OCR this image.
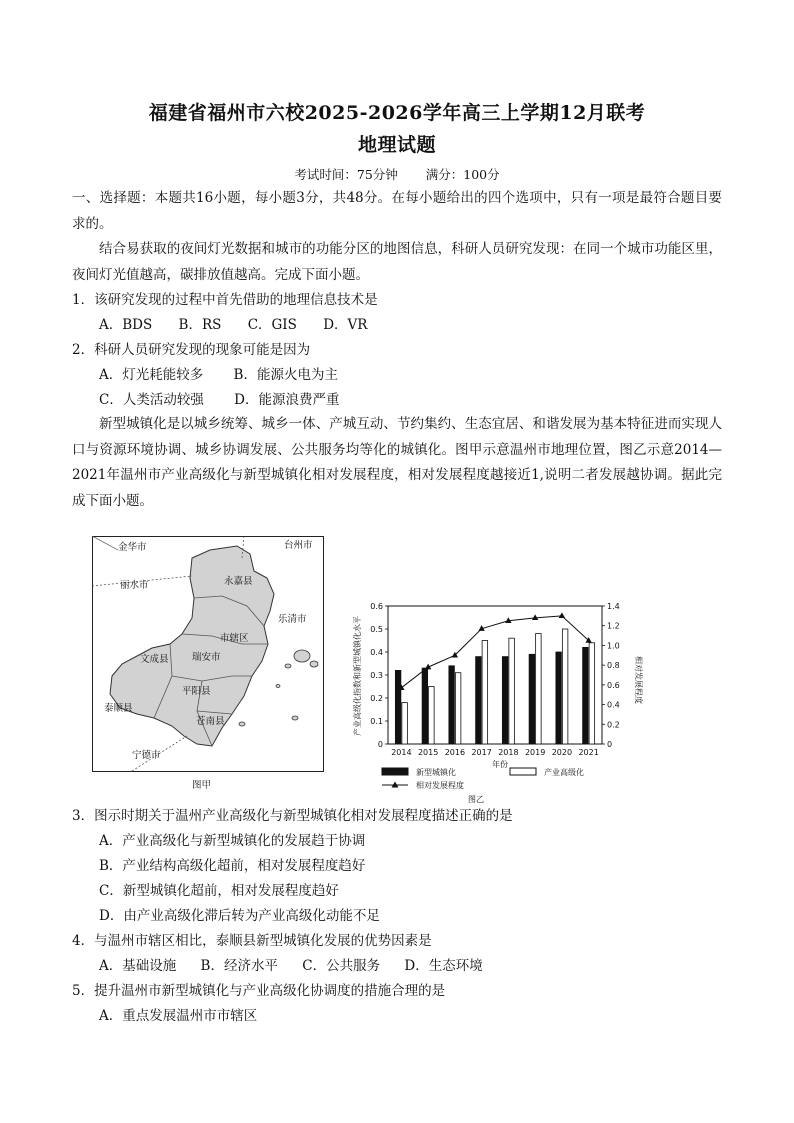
福建省福州市六校2025-2026学年高三上学期12月联考
地理试题
考试时间：75分钟 满分：100分
一、选择题：本题共16小题，每小题3分，共48分。在每小题给出的四个选项中，只有一项是最符合题目要求的。
结合易获取的夜间灯光数据和城市的功能分区的地图信息，科研人员研究发现：在同一个城市功能区里，夜间灯光值越高，碳排放值越高。完成下面小题。
1．该研究发现的过程中首先借助的地理信息技术是
A．BDS B．RS C．GIS D．VR
2．科研人员研究发现的现象可能是因为
A．灯光耗能较多 B．能源火电为主
C．人类活动较强 D．能源浪费严重
新型城镇化是以城乡统筹、城乡一体、产城互动、节约集约、生态宜居、和谐发展为基本特征进而实现人口与资源环境协调、城乡协调发展、公共服务均等化的城镇化。图甲示意温州市地理位置，图乙示意2014—2021年温州市产业高级化与新型城镇化相对发展程度，相对发展程度越接近1,说明二者发展越协调。据此完成下面小题。
金华市	台州市
丽水市	永嘉县
乐清市
市辖区
文成县 瑞安市
平阳县
泰顺县
苍南县
宁德市
图甲
0
0.1
0.2
0.3
0.4
0.5
0.6
0
0.2
0.4
0.6
0.8
1.0
1.2
1.4
2014 2015 2016 2017 2018 2019 2020 2021
产业高级化指数和新型城镇化水平	相对发展程度
年份
新型城镇化	产业高级化
相对发展程度
图乙
3．图示时期关于温州产业高级化与新型城镇化相对发展程度描述正确的是
A．产业高级化与新型城镇化的发展趋于协调
B．产业结构高级化超前，相对发展程度趋好
C．新型城镇化超前，相对发展程度趋好
D．由产业高级化滞后转为产业高级化动能不足
4．与温州市辖区相比，泰顺县新型城镇化发展的优势因素是
A．基础设施 B．经济水平 C．公共服务 D．生态环境
5．提升温州市新型城镇化与产业高级化协调度的措施合理的是
A．重点发展温州市市辖区
